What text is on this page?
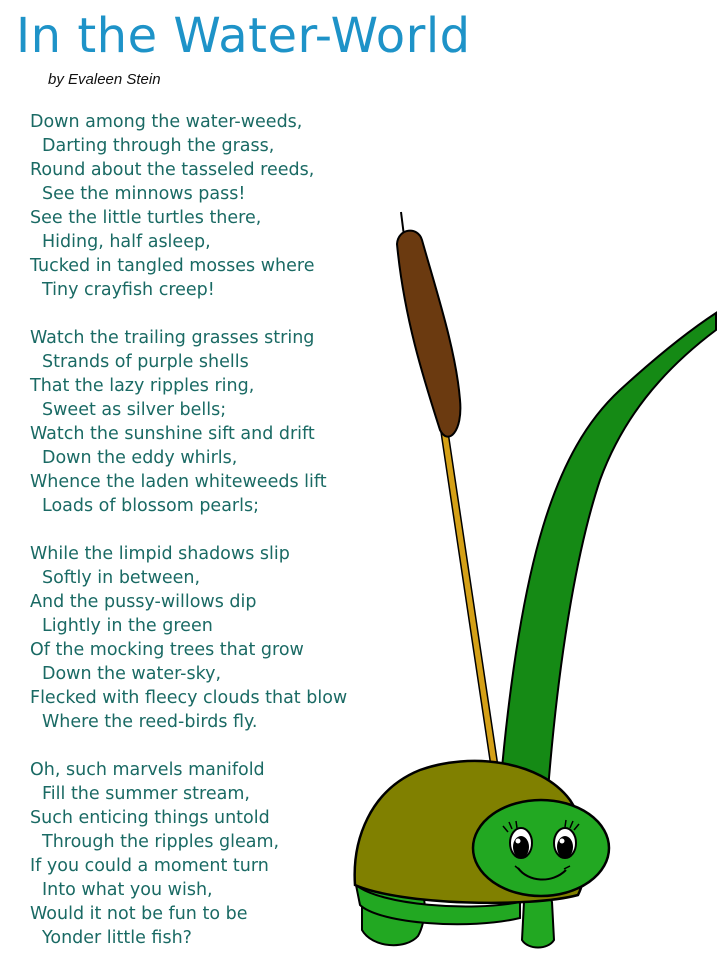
In the Water-World
by Evaleen Stein
Down among the water-weeds,
Darting through the grass,
Round about the tasseled reeds,
See the minnows pass!
See the little turtles there,
Hiding, half asleep,
Tucked in tangled mosses where
Tiny crayfish creep!
Watch the trailing grasses string
Strands of purple shells
That the lazy ripples ring,
Sweet as silver bells;
Watch the sunshine sift and drift
Down the eddy whirls,
Whence the laden whiteweeds lift
Loads of blossom pearls;
While the limpid shadows slip
Softly in between,
And the pussy-willows dip
Lightly in the green
Of the mocking trees that grow
Down the water-sky,
Flecked with fleecy clouds that blow
Where the reed-birds fly.
Oh, such marvels manifold
Fill the summer stream,
Such enticing things untold
Through the ripples gleam,
If you could a moment turn
Into what you wish,
Would it not be fun to be
Yonder little fish?
